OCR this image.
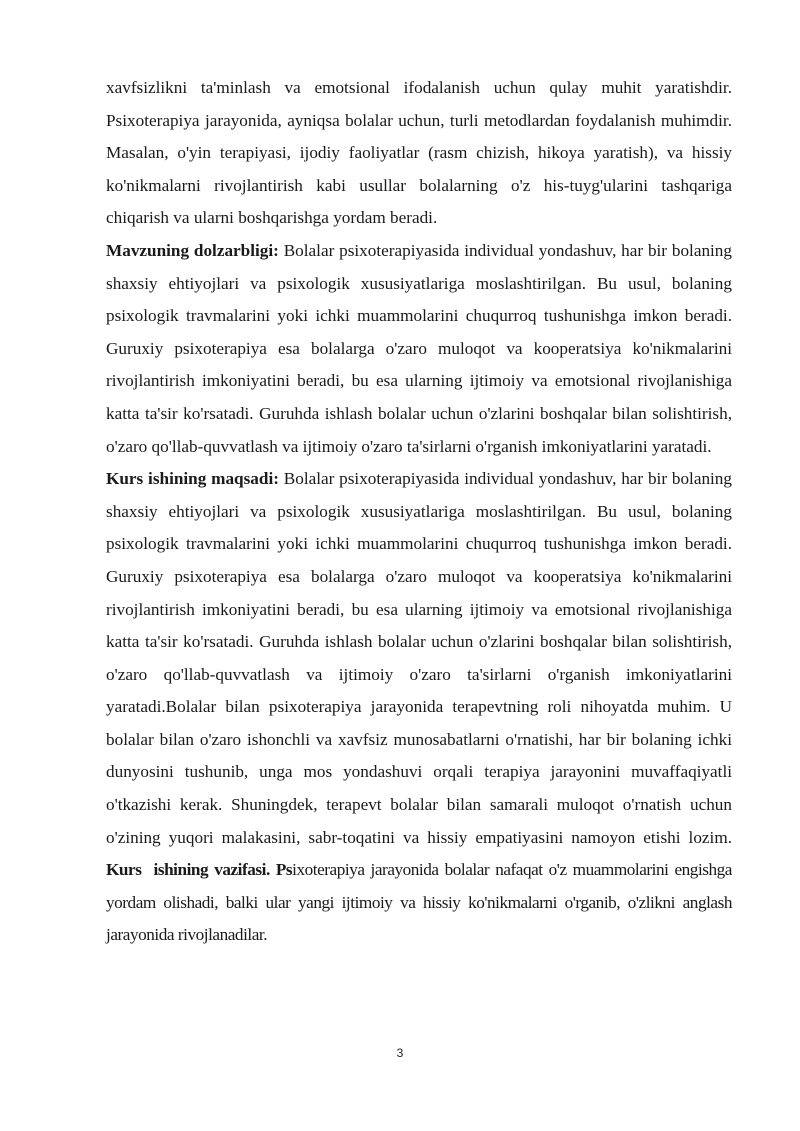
xavfsizlikni ta'minlash va emotsional ifodalanish uchun qulay muhit yaratishdir. Psixoterapiya jarayonida, ayniqsa bolalar uchun, turli metodlardan foydalanish muhimdir. Masalan, o'yin terapiyasi, ijodiy faoliyatlar (rasm chizish, hikoya yaratish), va hissiy ko'nikmalarni rivojlantirish kabi usullar bolalarning o'z his-tuyg'ularini tashqariga chiqarish va ularni boshqarishga yordam beradi.

Mavzuning dolzarbligi: Bolalar psixoterapiyasida individual yondashuv, har bir bolaning shaxsiy ehtiyojlari va psixologik xususiyatlariga moslashtirilgan. Bu usul, bolaning psixologik travmalarini yoki ichki muammolarini chuqurroq tushunishga imkon beradi. Guruxiy psixoterapiya esa bolalarga o'zaro muloqot va kooperatsiya ko'nikmalarini rivojlantirish imkoniyatini beradi, bu esa ularning ijtimoiy va emotsional rivojlanishiga katta ta'sir ko'rsatadi. Guruhda ishlash bolalar uchun o'zlarini boshqalar bilan solishtirish, o'zaro qo'llab-quvvatlash va ijtimoiy o'zaro ta'sirlarni o'rganish imkoniyatlarini yaratadi.

Kurs ishining maqsadi: Bolalar psixoterapiyasida individual yondashuv, har bir bolaning shaxsiy ehtiyojlari va psixologik xususiyatlariga moslashtirilgan. Bu usul, bolaning psixologik travmalarini yoki ichki muammolarini chuqurroq tushunishga imkon beradi. Guruxiy psixoterapiya esa bolalarga o'zaro muloqot va kooperatsiya ko'nikmalarini rivojlantirish imkoniyatini beradi, bu esa ularning ijtimoiy va emotsional rivojlanishiga katta ta'sir ko'rsatadi. Guruhda ishlash bolalar uchun o'zlarini boshqalar bilan solishtirish, o'zaro qo'llab-quvvatlash va ijtimoiy o'zaro ta'sirlarni o'rganish imkoniyatlarini yaratadi.Bolalar bilan psixoterapiya jarayonida terapevtning roli nihoyatda muhim. U bolalar bilan o'zaro ishonchli va xavfsiz munosabatlarni o'rnatishi, har bir bolaning ichki dunyosini tushunib, unga mos yondashuvi orqali terapiya jarayonini muvaffaqiyatli o'tkazishi kerak. Shuningdek, terapevt bolalar bilan samarali muloqot o'rnatish uchun o'zining yuqori malakasini, sabr-toqatini va hissiy empatiyasini namoyon etishi lozim.

Kurs  ishining vazifasi. Psixoterapiya jarayonida bolalar nafaqat o'z muammolarini engishga yordam olishadi, balki ular yangi ijtimoiy va hissiy ko'nikmalarni o'rganib, o'zlikni anglash jarayonida rivojlanadilar.

3
